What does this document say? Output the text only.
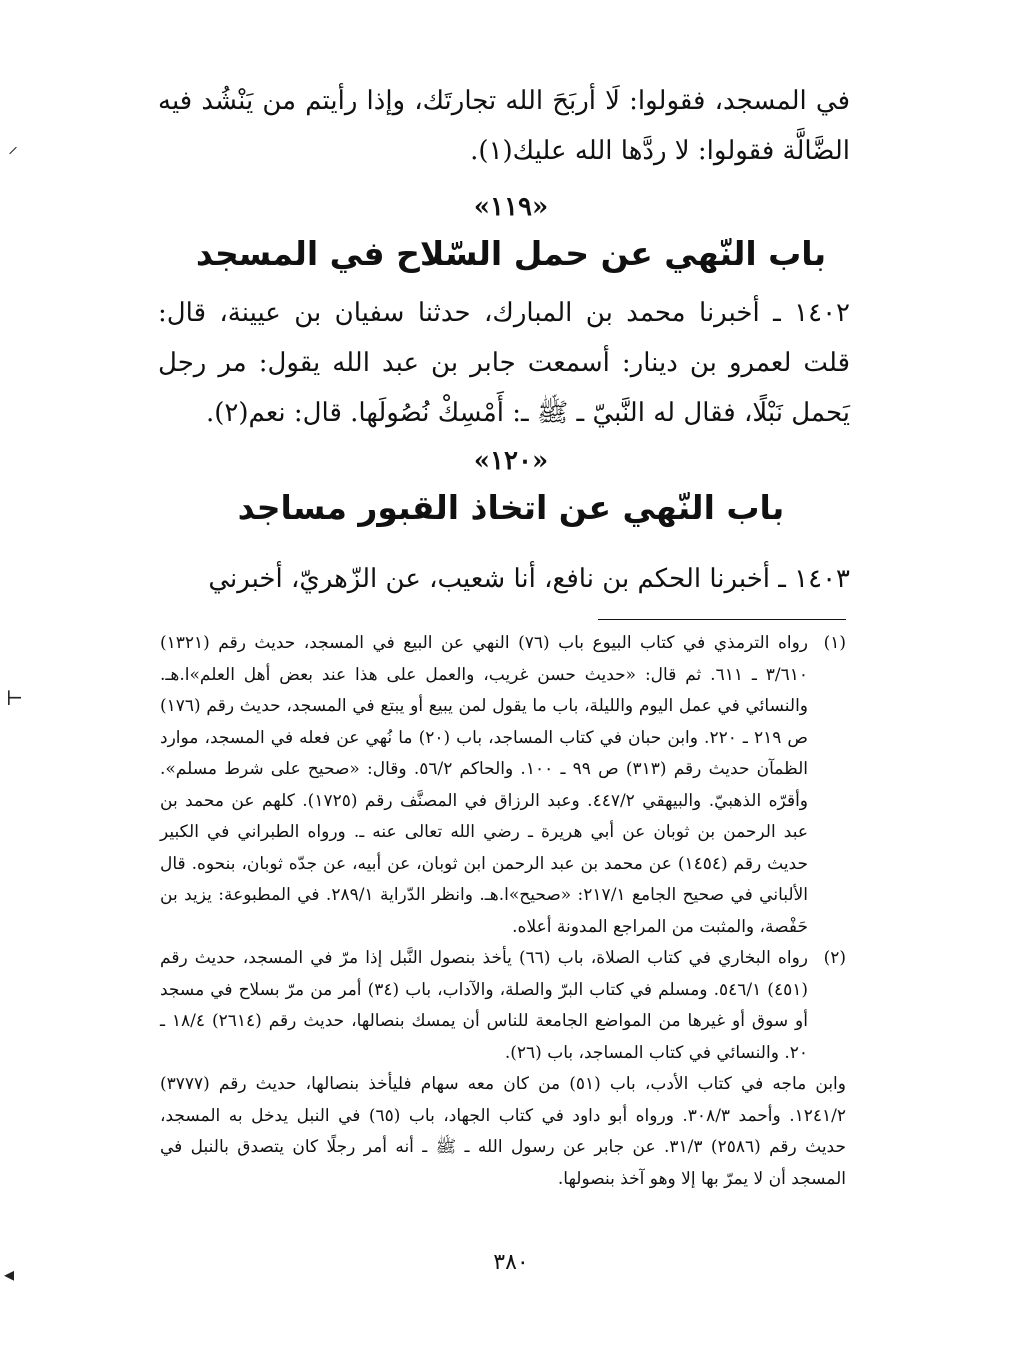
في المسجد، فقولوا: لَا أربَحَ الله تجارتَك، وإذا رأيتم من يَنْشُد فيه الضَّالَّة فقولوا: لا ردَّها الله عليك(١).
«١١٩»
باب النّهي عن حمل السّلاح في المسجد
١٤٠٢ ـ أخبرنا محمد بن المبارك، حدثنا سفيان بن عيينة، قال: قلت لعمرو بن دينار: أسمعت جابر بن عبد الله يقول: مر رجل يَحمل نَبْلًا، فقال له النَّبيّ ـ ﷺ ـ: أَمْسِكْ نُصُولَها. قال: نعم(٢).
«١٢٠»
باب النّهي عن اتخاذ القبور مساجد
١٤٠٣ ـ أخبرنا الحكم بن نافع، أنا شعيب، عن الزّهريّ، أخبرني
(١)
رواه الترمذي في كتاب البيوع باب (٧٦) النهي عن البيع في المسجد، حديث رقم (١٣٢١) ٣/٦١٠ ـ ٦١١. ثم قال: «حديث حسن غريب، والعمل على هذا عند بعض أهل العلم»ا.هـ. والنسائي في عمل اليوم والليلة، باب ما يقول لمن يبيع أو يبتع في المسجد، حديث رقم (١٧٦) ص ٢١٩ ـ ٢٢٠. وابن حبان في كتاب المساجد، باب (٢٠) ما نُهي عن فعله في المسجد، موارد الظمآن حديث رقم (٣١٣) ص ٩٩ ـ ١٠٠. والحاكم ٥٦/٢. وقال: «صحيح على شرط مسلم». وأقرّه الذهبيّ. والبيهقي ٤٤٧/٢. وعبد الرزاق في المصنَّف رقم (١٧٢٥). كلهم عن محمد بن عبد الرحمن بن ثوبان عن أبي هريرة ـ رضي الله تعالى عنه ـ. ورواه الطبراني في الكبير حديث رقم (١٤٥٤) عن محمد بن عبد الرحمن ابن ثوبان، عن أبيه، عن جدّه ثوبان، بنحوه. قال الألباني في صحيح الجامع ٢١٧/١: «صحيح»ا.هـ. وانظر الدّراية ٢٨٩/١. في المطبوعة: يزيد بن حَفْصة، والمثبت من المراجع المدونة أعلاه.
(٢)
رواه البخاري في كتاب الصلاة، باب (٦٦) يأخذ بنصول النَّبل إذا مرّ في المسجد، حديث رقم (٤٥١) ٥٤٦/١. ومسلم في كتاب البرّ والصلة، والآداب، باب (٣٤) أمر من مرّ بسلاح في مسجد أو سوق أو غيرها من المواضع الجامعة للناس أن يمسك بنصالها، حديث رقم (٢٦١٤) ١٨/٤ ـ ٢٠. والنسائي في كتاب المساجد، باب (٢٦).
وابن ماجه في كتاب الأدب، باب (٥١) من كان معه سهام فليأخذ بنصالها، حديث رقم (٣٧٧٧) ١٢٤١/٢. وأحمد ٣٠٨/٣. ورواه أبو داود في كتاب الجهاد، باب (٦٥) في النبل يدخل به المسجد، حديث رقم (٢٥٨٦) ٣١/٣. عن جابر عن رسول الله ـ ﷺ ـ أنه أمر رجلًا كان يتصدق بالنبل في المسجد أن لا يمرّ بها إلا وهو آخذ بنصولها.
٣٨٠
⸍
⊢
◂
